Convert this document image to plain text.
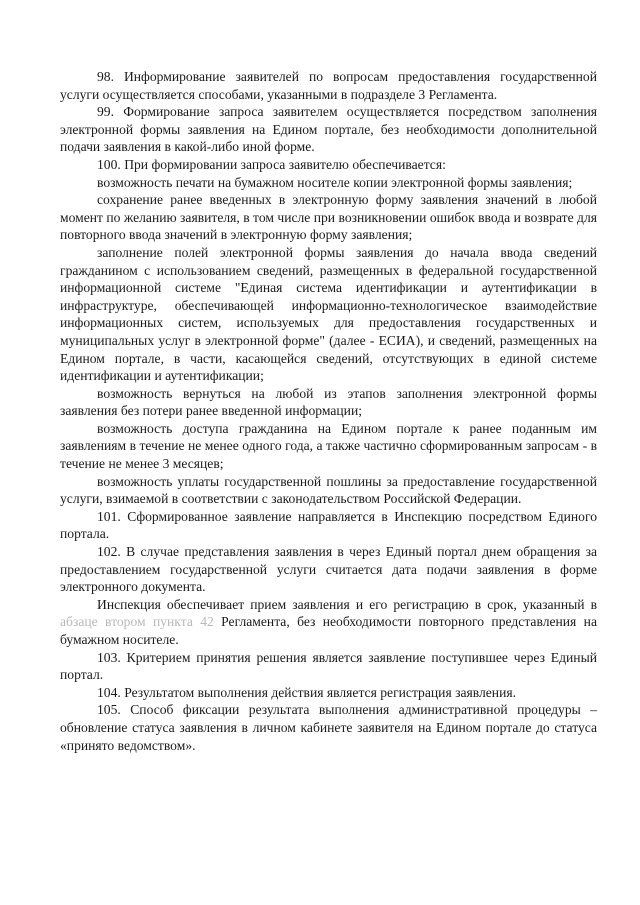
98. Информирование заявителей по вопросам предоставления государственной услуги осуществляется способами, указанными в подразделе 3 Регламента.

99. Формирование запроса заявителем осуществляется посредством заполнения электронной формы заявления на Едином портале, без необходимости дополнительной подачи заявления в какой-либо иной форме.

100. При формировании запроса заявителю обеспечивается:

возможность печати на бумажном носителе копии электронной формы заявления;

сохранение ранее введенных в электронную форму заявления значений в любой момент по желанию заявителя, в том числе при возникновении ошибок ввода и возврате для повторного ввода значений в электронную форму заявления;

заполнение полей электронной формы заявления до начала ввода сведений гражданином с использованием сведений, размещенных в федеральной государственной информационной системе "Единая система идентификации и аутентификации в инфраструктуре, обеспечивающей информационно-технологическое взаимодействие информационных систем, используемых для предоставления государственных и муниципальных услуг в электронной форме" (далее - ЕСИА), и сведений, размещенных на Едином портале, в части, касающейся сведений, отсутствующих в единой системе идентификации и аутентификации;

возможность вернуться на любой из этапов заполнения электронной формы заявления без потери ранее введенной информации;

возможность доступа гражданина на Едином портале к ранее поданным им заявлениям в течение не менее одного года, а также частично сформированным запросам - в течение не менее 3 месяцев;

возможность уплаты государственной пошлины за предоставление государственной услуги, взимаемой в соответствии с законодательством Российской Федерации.

101. Сформированное заявление направляется в Инспекцию посредством Единого портала.

102. В случае представления заявления в через Единый портал днем обращения за предоставлением государственной услуги считается дата подачи заявления в форме электронного документа.

Инспекция обеспечивает прием заявления и его регистрацию в срок, указанный в абзаце втором пункта 42 Регламента, без необходимости повторного представления на бумажном носителе.

103. Критерием принятия решения является заявление поступившее через Единый портал.

104. Результатом выполнения действия является регистрация заявления.

105. Способ фиксации результата выполнения административной процедуры – обновление статуса заявления в личном кабинете заявителя на Едином портале до статуса «принято ведомством».
